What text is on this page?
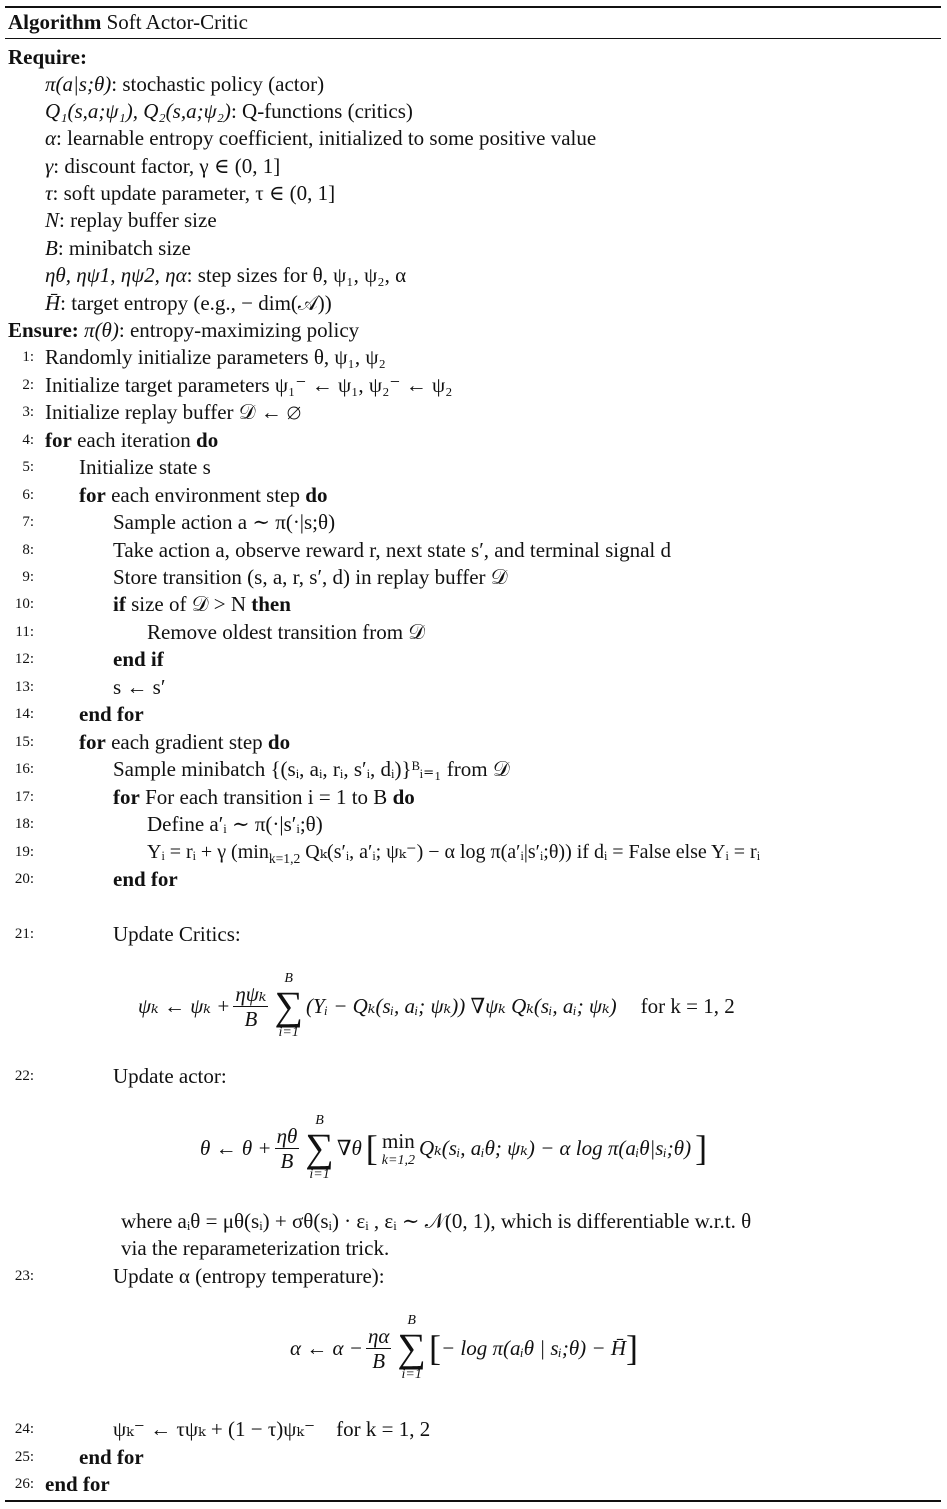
Algorithm Soft Actor-Critic
Require:
π(a|s;θ): stochastic policy (actor)
Q₁(s,a;ψ₁), Q₂(s,a;ψ₂): Q-functions (critics)
α: learnable entropy coefficient, initialized to some positive value
γ: discount factor, γ ∈ (0, 1]
τ: soft update parameter, τ ∈ (0, 1]
N: replay buffer size
B: minibatch size
ηθ, ηψ1, ηψ2, ηα: step sizes for θ, ψ₁, ψ₂, α
H̄: target entropy (e.g., − dim(𝒜))
Ensure: π(θ): entropy-maximizing policy
1: Randomly initialize parameters θ, ψ₁, ψ₂
2: Initialize target parameters ψ₁⁻ ← ψ₁, ψ₂⁻ ← ψ₂
3: Initialize replay buffer 𝒟 ← ∅
4: for each iteration do
5: Initialize state s
6: for each environment step do
7:	Sample action a ∼ π(·|s;θ)
8:	Take action a, observe reward r, next state s′, and terminal signal d
9:	Store transition (s, a, r, s′, d) in replay buffer 𝒟
10:	if size of 𝒟 > N then
11:	Remove oldest transition from 𝒟
12:	end if
13:	s ← s′
14: end for
15: for each gradient step do
16:	Sample minibatch {(sᵢ, aᵢ, rᵢ, s′ᵢ, dᵢ)}ᴮᵢ₌₁ from 𝒟
17:	for For each transition i = 1 to B do
18:	Define a′ᵢ ∼ π(·|s′ᵢ;θ)
19:	Yᵢ = rᵢ + γ ($\min_{k=1,2}$ Qₖ(s′ᵢ, a′ᵢ; ψₖ⁻) − α log π(a′ᵢ|s′ᵢ;θ)) if dᵢ = False else Yᵢ = rᵢ
20:	end for
21:	Update Critics:
ψₖ ← $\psi_k + \frac{\text{ηψₖ}}{B}$
B
∑
i=1
(Yᵢ − Qₖ(sᵢ, aᵢ; ψₖ)) ∇ψₖ Qₖ(sᵢ, aᵢ; ψₖ) for k = 1, 2
22:	Update actor:
θ ← $\theta + \frac{\eta\theta}{B}$
B
∑
i=1
∇θ [ min
k=1,2
Qₖ(sᵢ, aᵢθ; ψₖ) − α log π(aᵢθ|sᵢ;θ) ]
where aᵢθ = μθ(sᵢ) + σθ(sᵢ) · εᵢ , εᵢ ∼ 𝒩(0, 1), which is differentiable w.r.t. θ
via the reparameterization trick.
23:	Update α (entropy temperature):
α ← $\alpha - \frac{\eta\alpha}{B}$
B
∑
i=1
[ − log π(aᵢθ | sᵢ;θ) − H̄ ]
24:	ψₖ⁻ ← τψₖ + (1 − τ)ψₖ⁻    for k = 1, 2
25: end for
26: end for
